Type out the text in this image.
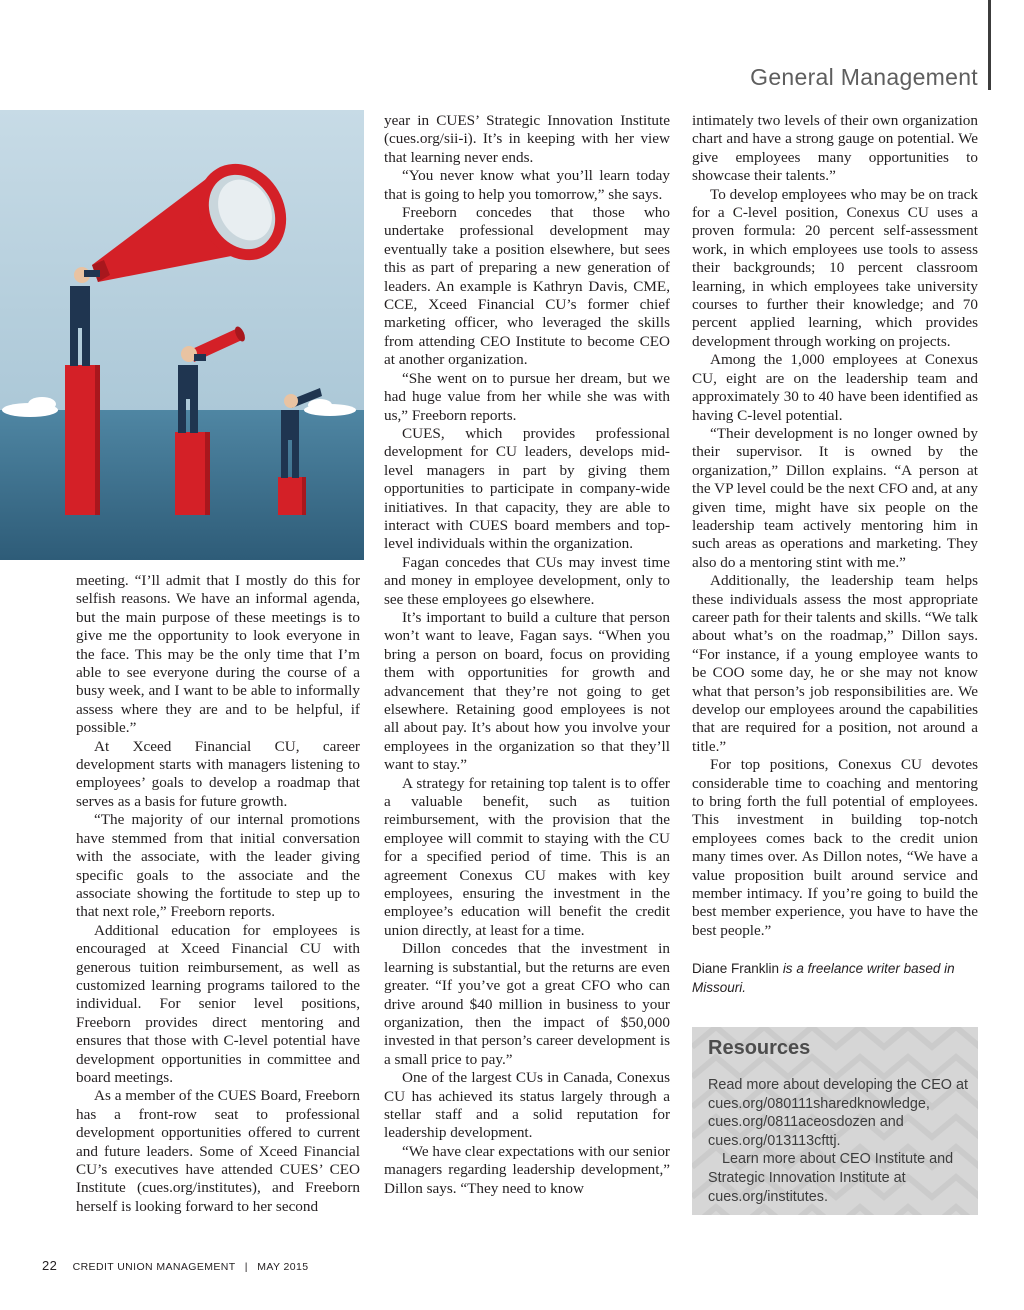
General Management

meeting. “I’ll admit that I mostly do this for selfish reasons. We have an informal agenda, but the main purpose of these meetings is to give me the opportunity to look everyone in the face. This may be the only time that I’m able to see everyone during the course of a busy week, and I want to be able to informally assess where they are and to be helpful, if possible.”

At Xceed Financial CU, career development starts with managers listening to employees’ goals to develop a roadmap that serves as a basis for future growth.

“The majority of our internal promotions have stemmed from that initial conversation with the associate, with the leader giving specific goals to the associate and the associate showing the fortitude to step up to that next role,” Freeborn reports.

Additional education for employees is encouraged at Xceed Financial CU with generous tuition reimbursement, as well as customized learning programs tailored to the individual. For senior level positions, Freeborn provides direct mentoring and ensures that those with C-level potential have development opportunities in committee and board meetings.

As a member of the CUES Board, Freeborn has a front-row seat to professional development opportunities offered to current and future leaders. Some of Xceed Financial CU’s executives have attended CUES’ CEO Institute (cues.org/institutes), and Freeborn herself is looking forward to her second

year in CUES’ Strategic Innovation Institute (cues.org/sii-i). It’s in keeping with her view that learning never ends.

“You never know what you’ll learn today that is going to help you tomorrow,” she says.

Freeborn concedes that those who undertake professional development may eventually take a position elsewhere, but sees this as part of preparing a new generation of leaders. An example is Kathryn Davis, CME, CCE, Xceed Financial CU’s former chief marketing officer, who leveraged the skills from attending CEO Institute to become CEO at another organization.

“She went on to pursue her dream, but we had huge value from her while she was with us,” Freeborn reports.

CUES, which provides professional development for CU leaders, develops mid-level managers in part by giving them opportunities to participate in company-wide initiatives. In that capacity, they are able to interact with CUES board members and top-level individuals within the organization.

Fagan concedes that CUs may invest time and money in employee development, only to see these employees go elsewhere.

It’s important to build a culture that person won’t want to leave, Fagan says. “When you bring a person on board, focus on providing them with opportunities for growth and advancement that they’re not going to get elsewhere. Retaining good employees is not all about pay. It’s about how you involve your employees in the organization so that they’ll want to stay.”

A strategy for retaining top talent is to offer a valuable benefit, such as tuition reimbursement, with the provision that the employee will commit to staying with the CU for a specified period of time. This is an agreement Conexus CU makes with key employees, ensuring the investment in the employee’s education will benefit the credit union directly, at least for a time.

Dillon concedes that the investment in learning is substantial, but the returns are even greater. “If you’ve got a great CFO who can drive around $40 million in business to your organization, then the impact of $50,000 invested in that person’s career development is a small price to pay.”

One of the largest CUs in Canada, Conexus CU has achieved its status largely through a stellar staff and a solid reputation for leadership development.

“We have clear expectations with our senior managers regarding leadership development,” Dillon says. “They need to know

intimately two levels of their own organization chart and have a strong gauge on potential. We give employees many opportunities to showcase their talents.”

To develop employees who may be on track for a C-level position, Conexus CU uses a proven formula: 20 percent self-assessment work, in which employees use tools to assess their backgrounds; 10 percent classroom learning, in which employees take university courses to further their knowledge; and 70 percent applied learning, which provides development through working on projects.

Among the 1,000 employees at Conexus CU, eight are on the leadership team and approximately 30 to 40 have been identified as having C-level potential.

“Their development is no longer owned by their supervisor. It is owned by the organization,” Dillon explains. “A person at the VP level could be the next CFO and, at any given time, might have six people on the leadership team actively mentoring him in such areas as operations and marketing. They also do a mentoring stint with me.”

Additionally, the leadership team helps these individuals assess the most appropriate career path for their talents and skills. “We talk about what’s on the roadmap,” Dillon says. “For instance, if a young employee wants to be COO some day, he or she may not know what that person’s job responsibilities are. We develop our employees around the capabilities that are required for a position, not around a title.”

For top positions, Conexus CU devotes considerable time to coaching and mentoring to bring forth the full potential of employees. This investment in building top-notch employees comes back to the credit union many times over. As Dillon notes, “We have a value proposition built around service and member intimacy. If you’re going to build the best member experience, you have to have the best people.”

Diane Franklin is a freelance writer based in Missouri.
Resources

Read more about developing the CEO at cues.org/080111sharedknowledge, cues.org/0811aceosdozen and cues.org/013113cfttj.

Learn more about CEO Institute and Strategic Innovation Institute at cues.org/institutes.

22 CREDIT UNION MANAGEMENT | MAY 2015
